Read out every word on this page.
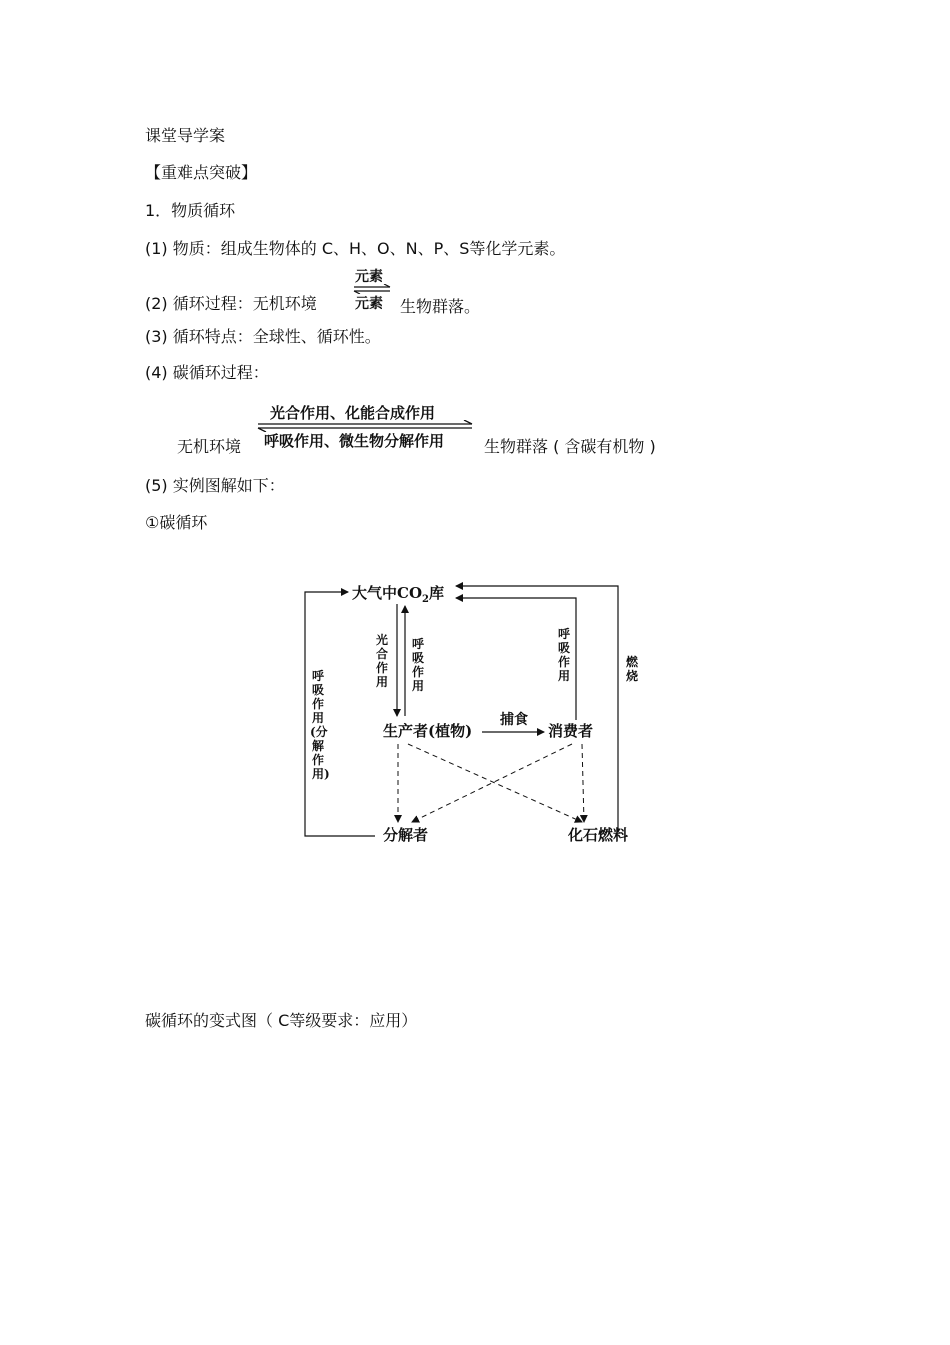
课堂导学案
【重难点突破】
1．物质循环
(1) 物质：组成生物体的 C、H、O、N、P、S等化学元素。
(2) 循环过程：无机环境
元素
元素 生物群落。
(3) 循环特点：全球性、循环性。
(4) 碳循环过程：
无机环境
光合作用、化能合成作用
呼吸作用、微生物分解作用 生物群落 ( 含碳有机物 )
(5) 实例图解如下：
①碳循环
大气中$CO_2$库
生产者(植物)	消费者
分解者	化石燃料
捕食
光
合
作
用
呼
吸
作
用
呼
吸
作
用
燃
烧
呼
吸
作
用
(分
解
作
用)
碳循环的变式图（ C等级要求：应用）
